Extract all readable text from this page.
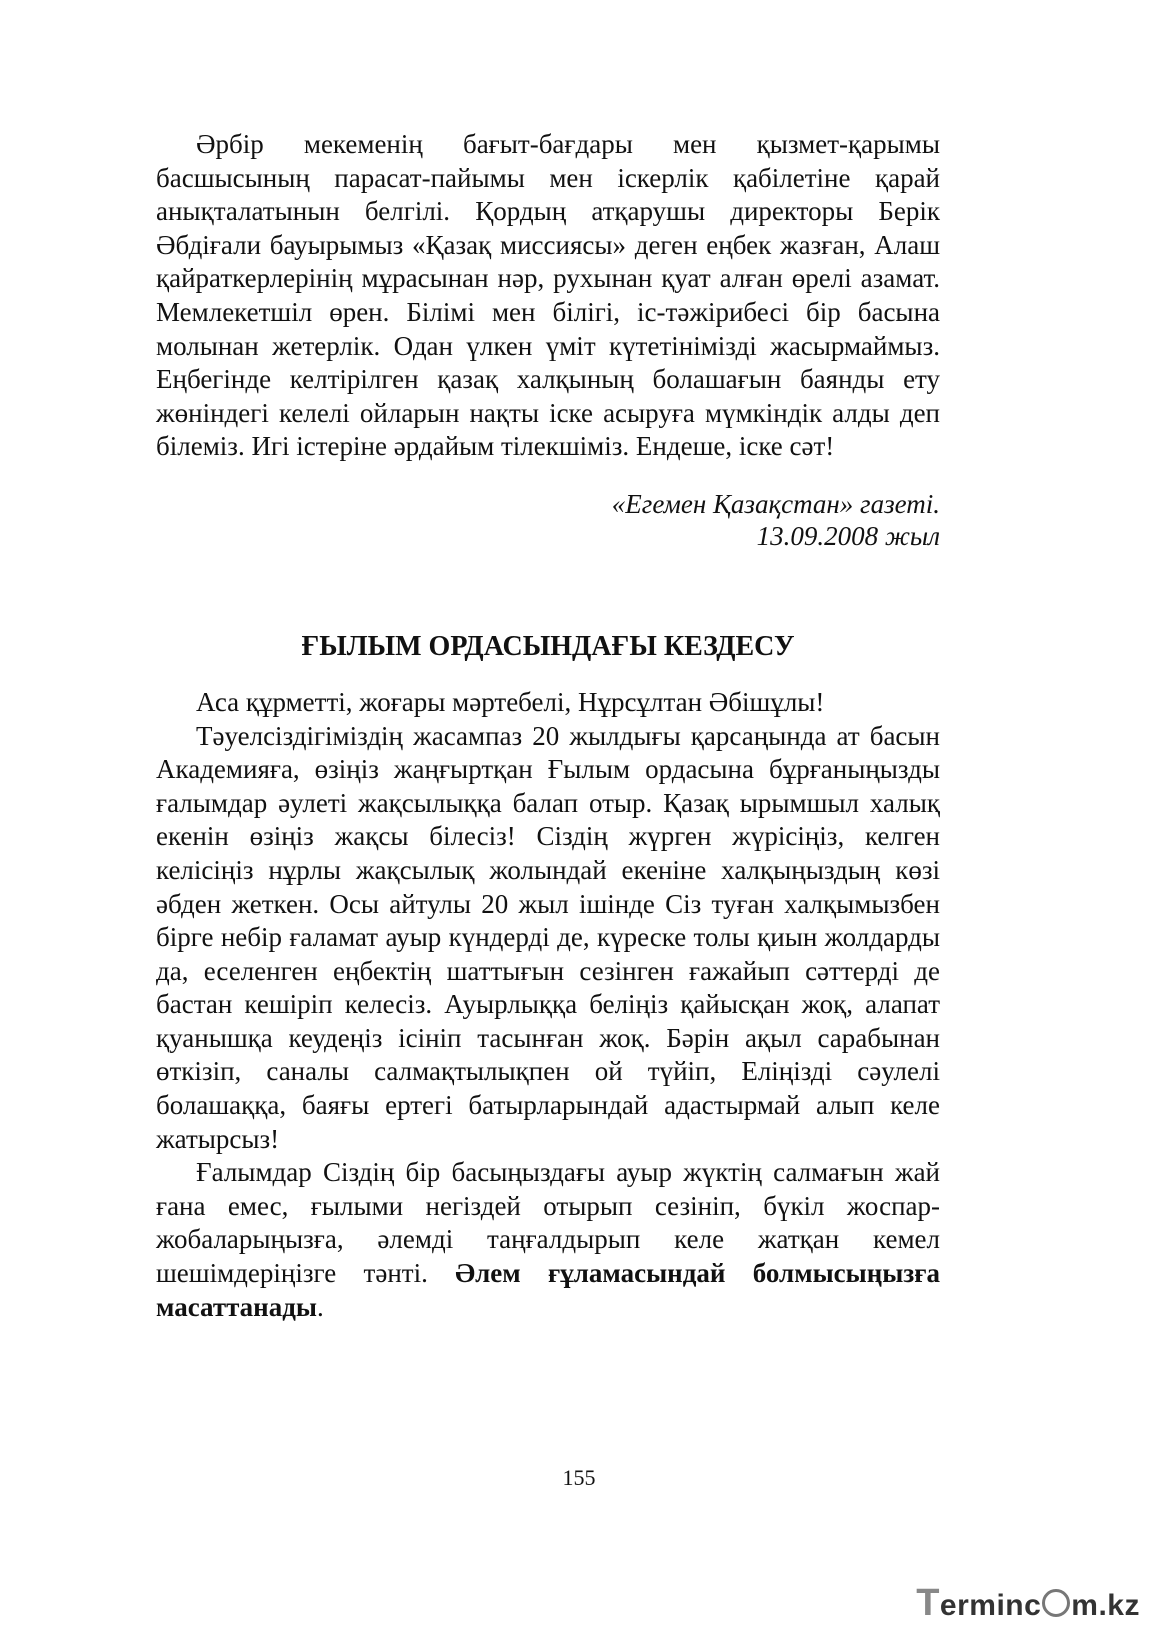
Әрбір мекеменің бағыт-бағдары мен қызмет-қарымы басшысының парасат-пайымы мен іскерлік қабілетіне қарай анықталатынын белгілі. Қордың атқарушы директоры Берік Әбдіғали бауырымыз «Қазақ миссиясы» деген еңбек жазған, Алаш қайраткерлерінің мұрасынан нәр, рухынан қуат алған өрелі азамат. Мемлекетшіл өрен. Білімі мен білігі, іс-тәжірибесі бір басына молынан жетерлік. Одан үлкен үміт күтетінімізді жасырмаймыз. Еңбегінде келтірілген қазақ халқының болашағын баянды ету жөніндегі келелі ойларын нақты іске асыруға мүмкіндік алды деп білеміз. Игі істеріне әрдайым тілекшіміз. Ендеше, іске сәт!

«Егемен Қазақстан» газеті.
13.09.2008 жыл
ҒЫЛЫМ ОРДАСЫНДАҒЫ КЕЗДЕСУ

Аса құрметті, жоғары мәртебелі, Нұрсұлтан Әбішұлы!

Тәуелсіздігіміздің жасампаз 20 жылдығы қарсаңында ат басын Академияға, өзіңіз жаңғыртқан Ғылым ордасына бұрғаныңызды ғалымдар әулеті жақсылыққа балап отыр. Қазақ ырымшыл халық екенін өзіңіз жақсы білесіз! Сіздің жүрген жүрісіңіз, келген келісіңіз нұрлы жақсылық жолындай екеніне халқыңыздың көзі әбден жеткен. Осы айтулы 20 жыл ішінде Сіз туған халқымызбен бірге небір ғаламат ауыр күндерді де, күреске толы қиын жолдарды да, еселенген еңбектің шаттығын сезінген ғажайып сәттерді де бастан кешіріп келесіз. Ауырлыққа беліңіз қайысқан жоқ, алапат қуанышқа кеудеңіз ісініп тасынған жоқ. Бәрін ақыл сарабынан өткізіп, саналы салмақтылықпен ой түйіп, Еліңізді сәулелі болашаққа, баяғы ертегі батырларындай адастырмай алып келе жатырсыз!

Ғалымдар Сіздің бір басыңыздағы ауыр жүктің салмағын жай ғана емес, ғылыми негіздей отырып сезініп, бүкіл жоспар-жобаларыңызға, әлемді таңғалдырып келе жатқан кемел шешімдеріңізге тәнті. Әлем ғұламасындай болмысыңызға масаттанады.

155
Terminc m.kz
